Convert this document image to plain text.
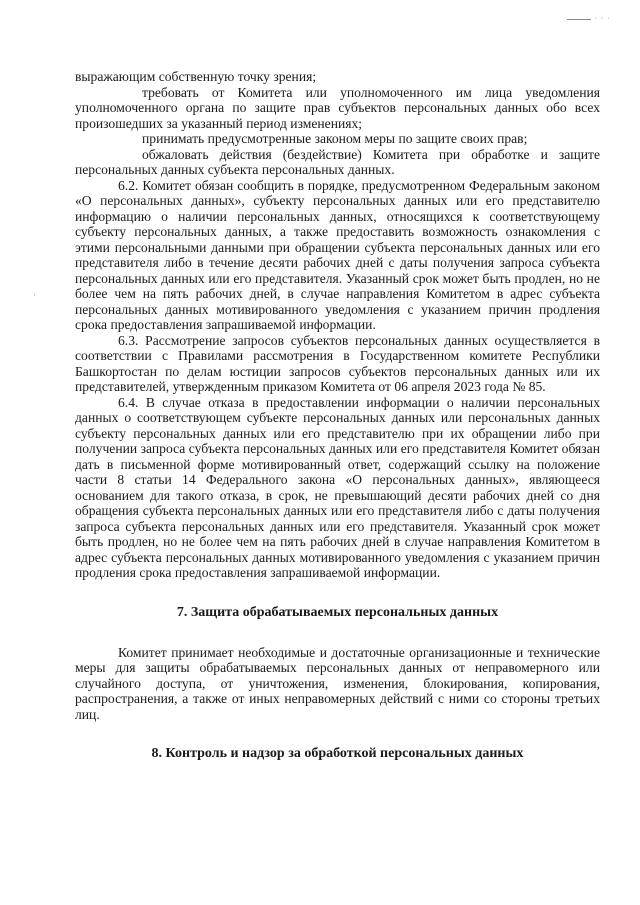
· · ·
·

выражающим собственную точку зрения;

требовать от Комитета или уполномоченного им лица уведомления уполномоченного органа по защите прав субъектов персональных данных обо всех произошедших за указанный период изменениях;

принимать предусмотренные законом меры по защите своих прав;

обжаловать действия (бездействие) Комитета при обработке и защите персональных данных субъекта персональных данных.

6.2. Комитет обязан сообщить в порядке, предусмотренном Федеральным законом «О персональных данных», субъекту персональных данных или его представителю информацию о наличии персональных данных, относящихся к соответствующему субъекту персональных данных, а также предоставить возможность ознакомления с этими персональными данными при обращении субъекта персональных данных или его представителя либо в течение десяти рабочих дней с даты получения запроса субъекта персональных данных или его представителя. Указанный срок может быть продлен, но не более чем на пять рабочих дней, в случае направления Комитетом в адрес субъекта персональных данных мотивированного уведомления с указанием причин продления срока предоставления запрашиваемой информации.

6.3. Рассмотрение запросов субъектов персональных данных осуществляется в соответствии с Правилами рассмотрения в Государственном комитете Республики Башкортостан по делам юстиции запросов субъектов персональных данных или их представителей, утвержденным приказом Комитета от 06 апреля 2023 года № 85.

6.4. В случае отказа в предоставлении информации о наличии персональных данных о соответствующем субъекте персональных данных или персональных данных субъекту персональных данных или его представителю при их обращении либо при получении запроса субъекта персональных данных или его представителя Комитет обязан дать в письменной форме мотивированный ответ, содержащий ссылку на положение части 8 статьи 14 Федерального закона «О персональных данных», являющееся основанием для такого отказа, в срок, не превышающий десяти рабочих дней со дня обращения субъекта персональных данных или его представителя либо с даты получения запроса субъекта персональных данных или его представителя. Указанный срок может быть продлен, но не более чем на пять рабочих дней в случае направления Комитетом в адрес субъекта персональных данных мотивированного уведомления с указанием причин продления срока предоставления запрашиваемой информации.

7. Защита обрабатываемых персональных данных

Комитет принимает необходимые и достаточные организационные и технические меры для защиты обрабатываемых персональных данных от неправомерного или случайного доступа, от уничтожения, изменения, блокирования, копирования, распространения, а также от иных неправомерных действий с ними со стороны третьих лиц.

8. Контроль и надзор за обработкой персональных данных
